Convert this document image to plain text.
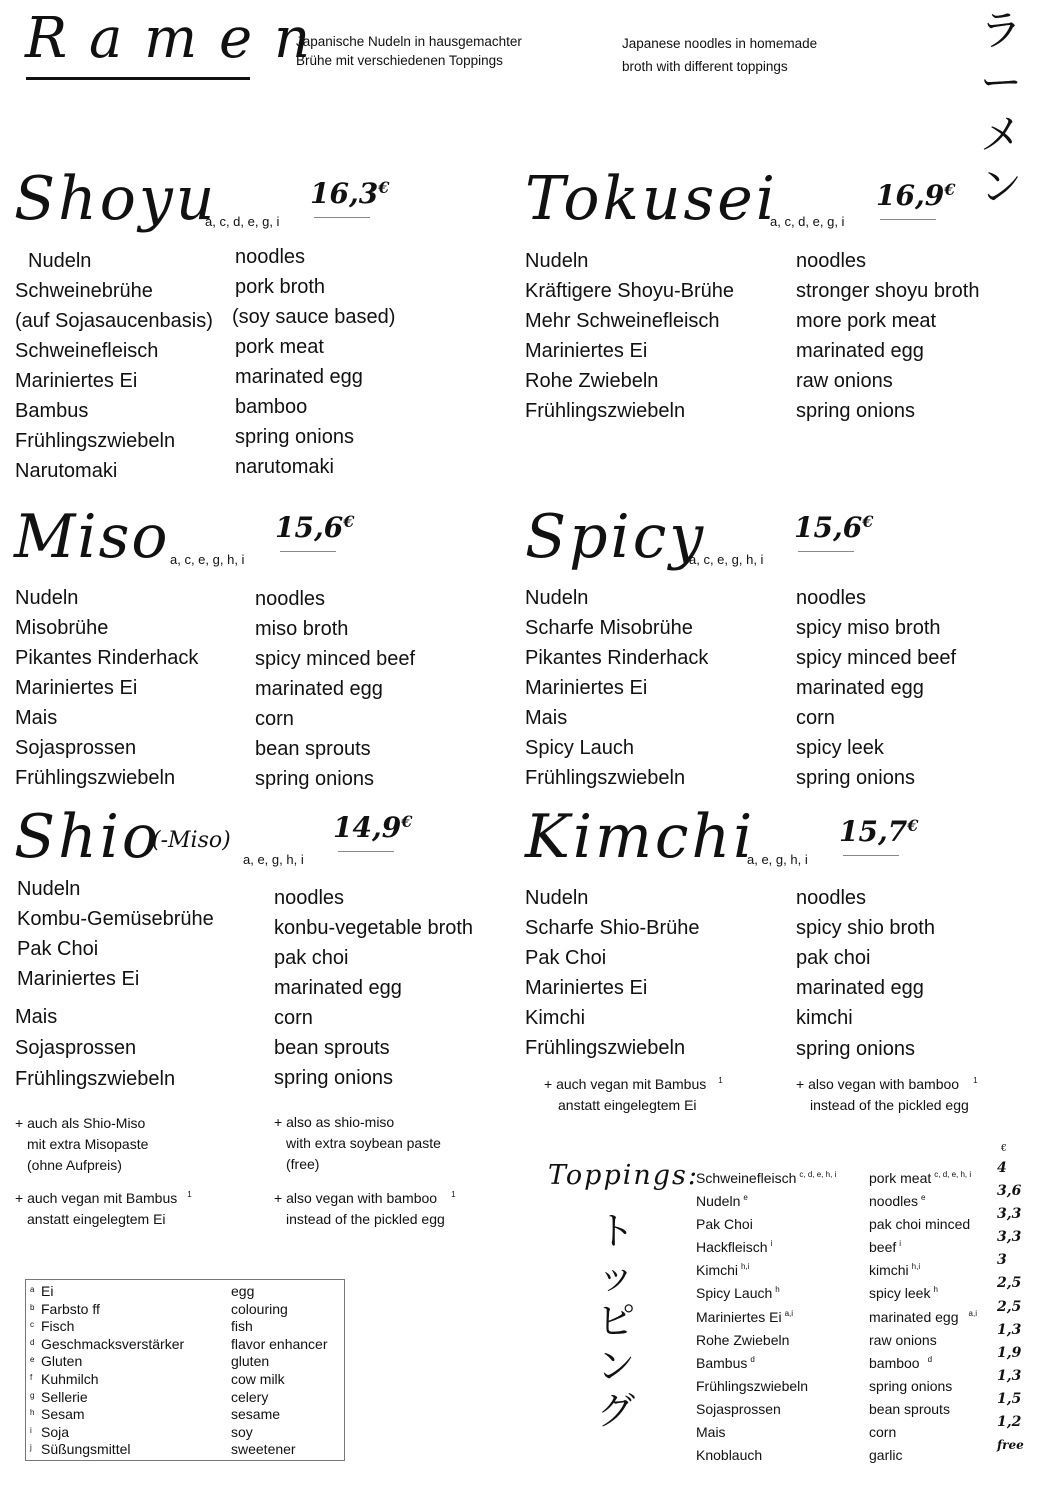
R a m e n
Japanische Nudeln in hausgemachter
Brühe mit verschiedenen Toppings
Japanese noodles in homemade
broth with different toppings
ラ
ー
メ
ン
Shoyu
a, c, d, e, g, i
16,3€
Nudeln
Schweinebrühe
(auf Sojasaucenbasis)
Schweinefleisch
Mariniertes Ei
Bambus
Frühlingszwiebeln
Narutomaki
noodles
pork broth
(soy sauce based)
pork meat
marinated egg
bamboo
spring onions
narutomaki
Tokusei
a, c, d, e, g, i
16,9€
Nudeln
Kräftigere Shoyu-Brühe
Mehr Schweinefleisch
Mariniertes Ei
Rohe Zwiebeln
Frühlingszwiebeln
noodles
stronger shoyu broth
more pork meat
marinated egg
raw onions
spring onions
Miso a, c, e, g, h, i
15,6€
Nudeln
Misobrühe
Pikantes Rinderhack
Mariniertes Ei
Mais
Sojasprossen
Frühlingszwiebeln
noodles
miso broth
spicy minced beef
marinated egg
corn
bean sprouts
spring onions
Spicy
a, c, e, g, h, i
15,6€
Nudeln
Scharfe Misobrühe
Pikantes Rinderhack
Mariniertes Ei
Mais
Spicy Lauch
Frühlingszwiebeln
noodles
spicy miso broth
spicy minced beef
marinated egg
corn
spicy leek
spring onions
Shio
(-Miso)
a, e, g, h, i
14,9€
Nudeln
Kombu-Gemüsebrühe
Pak Choi
Mariniertes Ei
Mais
Sojasprossen
Frühlingszwiebeln
noodles
konbu-vegetable broth
pak choi
marinated egg
corn
bean sprouts
spring onions
+ auch als Shio-Miso
mit extra Misopaste
(ohne Aufpreis)
+ also as shio-miso
with extra soybean paste
(free)
+ auch vegan mit Bambus $^1$
anstatt eingelegtem Ei
+ also vegan with bamboo $^1$
instead of the pickled egg
Kimchi
a, e, g, h, i
15,7€
Nudeln
Scharfe Shio-Brühe
Pak Choi
Mariniertes Ei
Kimchi
Frühlingszwiebeln
noodles
spicy shio broth
pak choi
marinated egg
kimchi
spring onions
+ auch vegan mit Bambus $^1$
anstatt eingelegtem Ei
+ also vegan with bamboo $^1$
instead of the pickled egg
Toppings:
ト
ッ
ピ
ン
グ
€
Schweinefleisch $^{c, d, e, h, i}$
Nudeln $^e$
Pak Choi
Hackfleisch $^i$
Kimchi $^{h,i}$
Spicy Lauch $^h$
Mariniertes Ei $^{a,i}$
Rohe Zwiebeln
Bambus $^d$
Frühlingszwiebeln
Sojasprossen
Mais
Knoblauch
pork meat $^{c, d, e, h, i}$
noodles $^e$
pak choi minced
beef $^i$
kimchi $^{h,i}$
spicy leek $^h$
marinated egg $^{a,i}$
raw onions
bamboo $^d$
spring onions
bean sprouts
corn
garlic
4
3,6
3,3
3,3
3
2,5
2,5
1,3
1,9
1,3
1,5
1,2
free
a
b
c
d
e
f
g
h
i
j
Ei
Farbsto ff
Fisch
Geschmacksverstärker
Gluten
Kuhmilch
Sellerie
Sesam
Soja
Süßungsmittel
egg
colouring
fish
flavor enhancer
gluten
cow milk
celery
sesame
soy
sweetener
